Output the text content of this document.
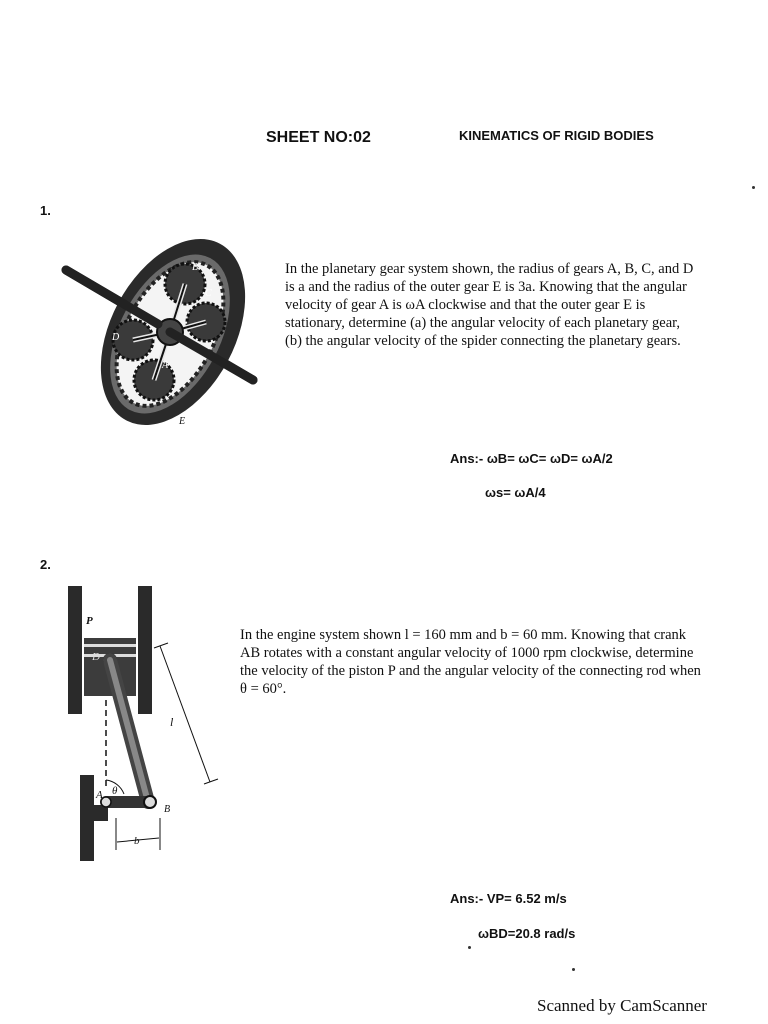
SHEET NO:02	KINEMATICS OF RIGID BODIES
1.
B
C
D
A
E
In the planetary gear system shown, the radius of gears A, B, C, and D
is a and the radius of the outer gear E is 3a. Knowing that the angular
velocity of gear A is ωA clockwise and that the outer gear E is
stationary, determine (a) the angular velocity of each planetary gear,
(b) the angular velocity of the spider connecting the planetary gears.
Ans:- ωB= ωC= ωD= ωA/2
ωs= ωA/4
2.
P
D
l
A θ
B
b
In the engine system shown l = 160 mm and b = 60 mm. Knowing that crank
AB rotates with a constant angular velocity of 1000 rpm clockwise, determine
the velocity of the piston P and the angular velocity of the connecting rod when
θ = 60°.
Ans:- VP= 6.52 m/s
ωBD=20.8 rad/s
Scanned by CamScanner
